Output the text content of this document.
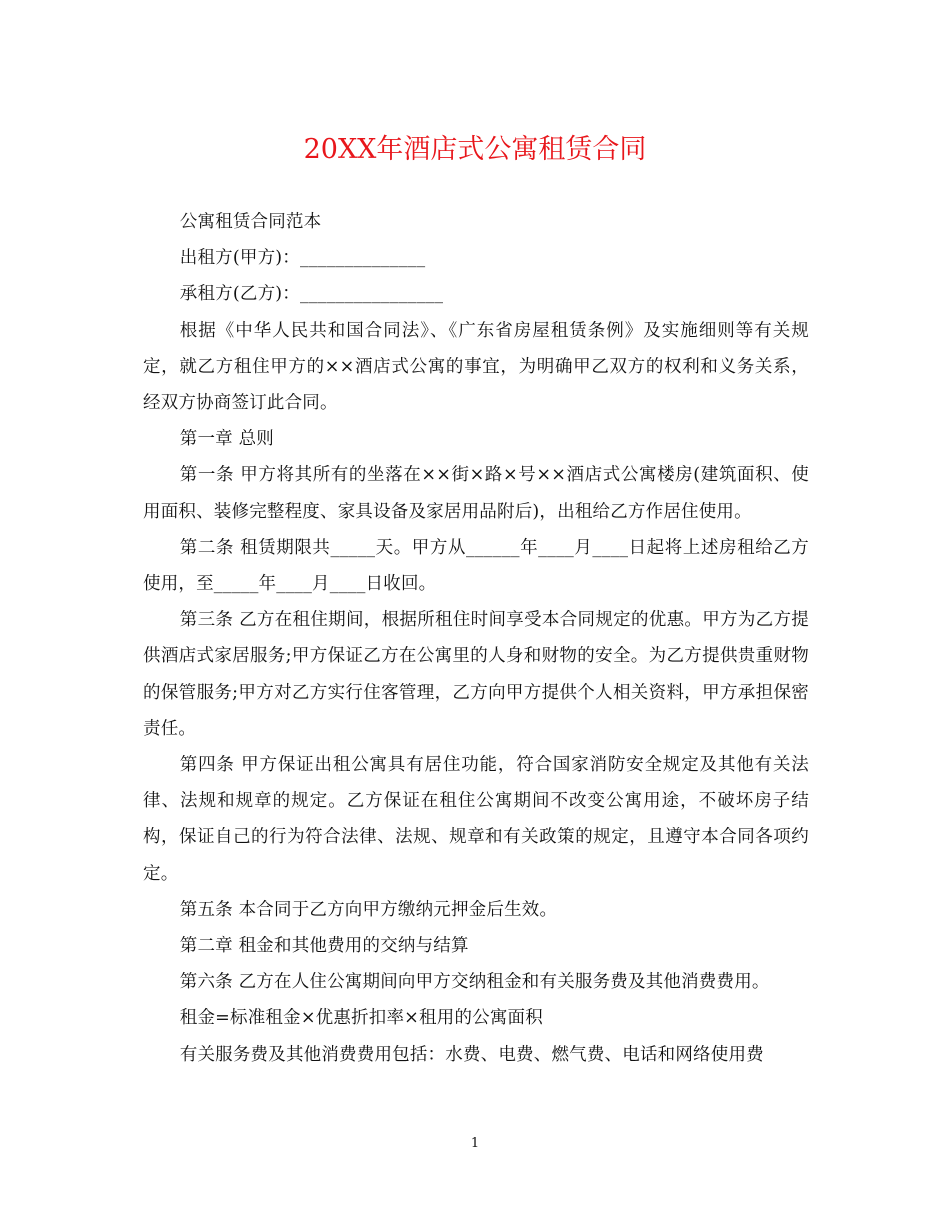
20XX年酒店式公寓租赁合同

公寓租赁合同范本

出租方(甲方)：______________

承租方(乙方)：________________

根据《中华人民共和国合同法》、《广东省房屋租赁条例》及实施细则等有关规定，就乙方租住甲方的××酒店式公寓的事宜，为明确甲乙双方的权利和义务关系，经双方协商签订此合同。

第一章 总则

第一条 甲方将其所有的坐落在××街×路×号××酒店式公寓楼房(建筑面积、使用面积、装修完整程度、家具设备及家居用品附后)，出租给乙方作居住使用。

第二条 租赁期限共_____天。甲方从______年____月____日起将上述房租给乙方使用，至_____年____月____日收回。

第三条 乙方在租住期间，根据所租住时间享受本合同规定的优惠。甲方为乙方提供酒店式家居服务;甲方保证乙方在公寓里的人身和财物的安全。为乙方提供贵重财物的保管服务;甲方对乙方实行住客管理，乙方向甲方提供个人相关资料，甲方承担保密责任。

第四条 甲方保证出租公寓具有居住功能，符合国家消防安全规定及其他有关法律、法规和规章的规定。乙方保证在租住公寓期间不改变公寓用途，不破坏房子结构，保证自己的行为符合法律、法规、规章和有关政策的规定，且遵守本合同各项约定。

第五条 本合同于乙方向甲方缴纳元押金后生效。

第二章 租金和其他费用的交纳与结算

第六条 乙方在人住公寓期间向甲方交纳租金和有关服务费及其他消费费用。

租金=标准租金×优惠折扣率×租用的公寓面积

有关服务费及其他消费费用包括：水费、电费、燃气费、电话和网络使用费

1
